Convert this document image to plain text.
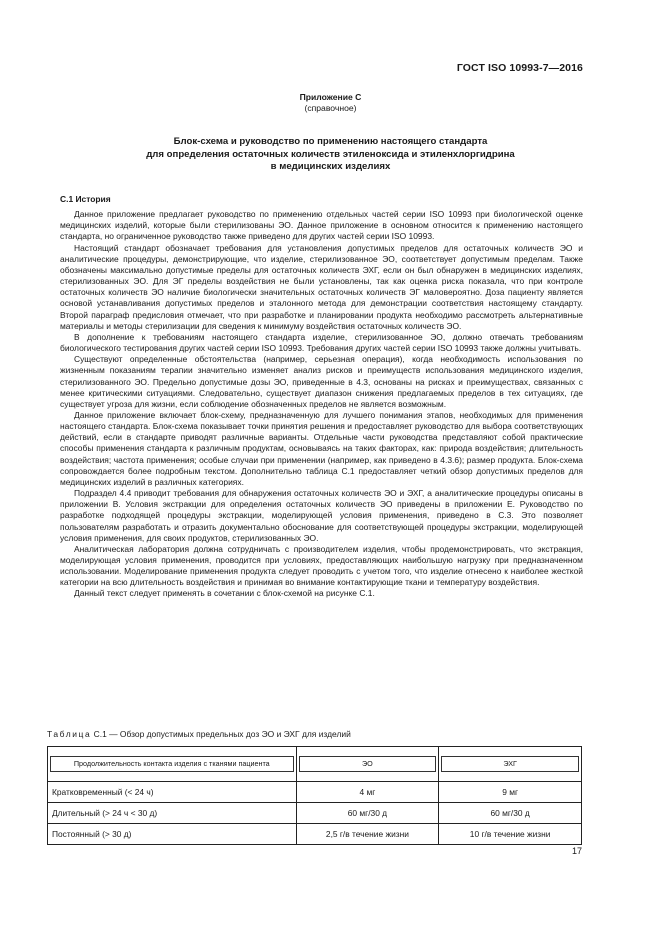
ГОСТ ISO 10993-7—2016
Приложение С
(справочное)
Блок-схема и руководство по применению настоящего стандарта
для определения остаточных количеств этиленоксида и этиленхлоргидрина
в медицинских изделиях
С.1 История

Данное приложение предлагает руководство по применению отдельных частей серии ISO 10993 при биологической оценке медицинских изделий, которые были стерилизованы ЭО. Данное приложение в основном относится к применению настоящего стандарта, но ограниченное руководство также приведено для других частей серии ISO 10993.

Настоящий стандарт обозначает требования для установления допустимых пределов для остаточных количеств ЭО и аналитические процедуры, демонстрирующие, что изделие, стерилизованное ЭО, соответствует допустимым пределам. Также обозначены максимально допустимые пределы для остаточных количеств ЭХГ, если он был обнаружен в медицинских изделиях, стерилизованных ЭО. Для ЭГ пределы воздействия не были установлены, так как оценка риска показала, что при контроле остаточных количеств ЭО наличие биологически значительных остаточных количеств ЭГ маловероятно. Доза пациенту является основой устанавливания допустимых пределов и эталонного метода для демонстрации соответствия настоящему стандарту. Второй параграф предисловия отмечает, что при разработке и планировании продукта необходимо рассмотреть альтернативные материалы и методы стерилизации для сведения к минимуму воздействия остаточных количеств ЭО.

В дополнение к требованиям настоящего стандарта изделие, стерилизованное ЭО, должно отвечать требованиям биологического тестирования других частей серии ISO 10993. Требования других частей серии ISO 10993 также должны учитывать.

Существуют определенные обстоятельства (например, серьезная операция), когда необходимость использования по жизненным показаниям терапии значительно изменяет анализ рисков и преимуществ использования медицинского изделия, стерилизованного ЭО. Предельно допустимые дозы ЭО, приведенные в 4.3, основаны на рисках и преимуществах, связанных с менее критическими ситуациями. Следовательно, существует диапазон снижения предлагаемых пределов в тех ситуациях, где существует угроза для жизни, если соблюдение обозначенных пределов не является возможным.

Данное приложение включает блок-схему, предназначенную для лучшего понимания этапов, необходимых для применения настоящего стандарта. Блок-схема показывает точки принятия решения и предоставляет руководство для выбора соответствующих действий, если в стандарте приводят различные варианты. Отдельные части руководства представляют собой практические способы применения стандарта к различным продуктам, основываясь на таких факторах, как: природа воздействия; длительность воздействия; частота применения; особые случаи при применении (например, как приведено в 4.3.6); размер продукта. Блок-схема сопровождается более подробным текстом. Дополнительно таблица С.1 предоставляет четкий обзор допустимых пределов для медицинских изделий в различных категориях.

Подраздел 4.4 приводит требования для обнаружения остаточных количеств ЭО и ЭХГ, а аналитические процедуры описаны в приложении В. Условия экстракции для определения остаточных количеств ЭО приведены в приложении Е. Руководство по разработке подходящей процедуры экстракции, моделирующей условия применения, приведено в С.3. Это позволяет пользователям разработать и отразить документально обоснование для соответствующей процедуры экстракции, моделирующей условия применения, для своих продуктов, стерилизованных ЭО.

Аналитическая лаборатория должна сотрудничать с производителем изделия, чтобы продемонстрировать, что экстракция, моделирующая условия применения, проводится при условиях, предоставляющих наибольшую нагрузку при предназначенном использовании. Моделирование применения продукта следует проводить с учетом того, что изделие отнесено к наиболее жесткой категории на всю длительность воздействия и принимая во внимание контактирующие ткани и температуру воздействия.

Данный текст следует применять в сочетании с блок-схемой на рисунке С.1.

Таблица С.1 — Обзор допустимых предельных доз ЭО и ЭХГ для изделий
Продолжительность контакта изделия с тканями пациента	ЭО	ЭХГ

Кратковременный (< 24 ч)	4 мг	9 мг
Длительный (> 24 ч < 30 д)	60 мг/30 д	60 мг/30 д
Постоянный (> 30 д)	2,5 г/в течение жизни	10 г/в течение жизни
17
